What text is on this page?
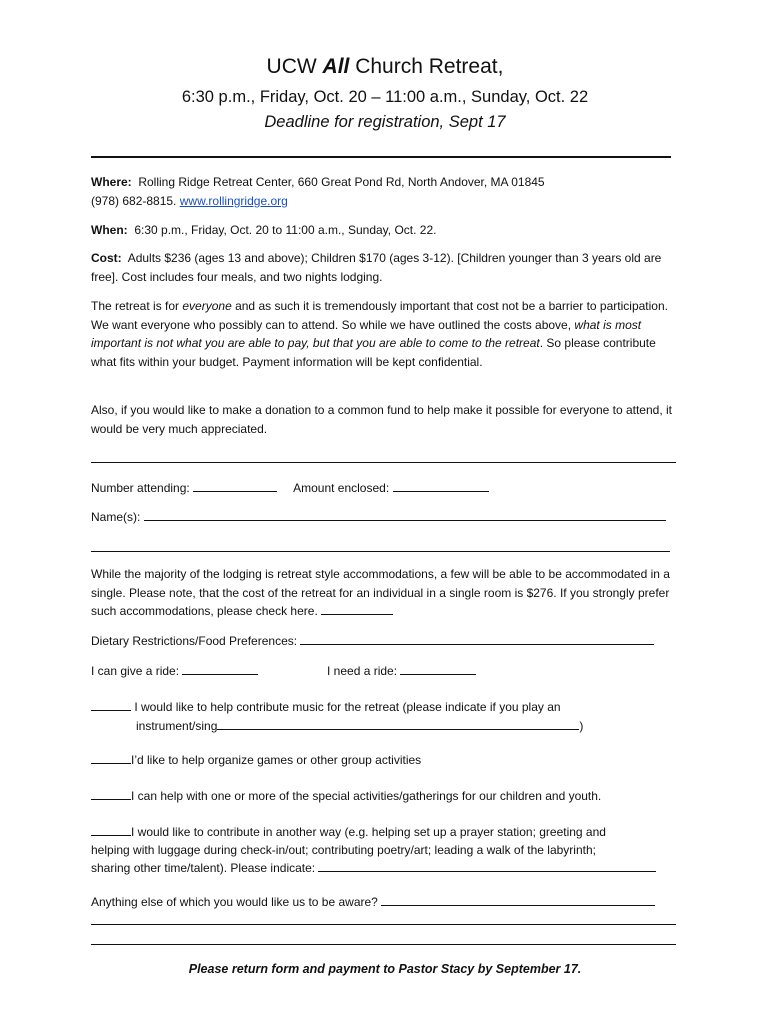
UCW All Church Retreat,
6:30 p.m., Friday, Oct. 20 – 11:00 a.m., Sunday, Oct. 22
Deadline for registration, Sept 17
Where: Rolling Ridge Retreat Center, 660 Great Pond Rd, North Andover, MA 01845
(978) 682-8815. www.rollingridge.org
When: 6:30 p.m., Friday, Oct. 20 to 11:00 a.m., Sunday, Oct. 22.

Cost: Adults $236 (ages 13 and above); Children $170 (ages 3-12). [Children younger than 3 years old are free]. Cost includes four meals, and two nights lodging.

The retreat is for everyone and as such it is tremendously important that cost not be a barrier to participation. We want everyone who possibly can to attend. So while we have outlined the costs above, what is most important is not what you are able to pay, but that you are able to come to the retreat. So please contribute what fits within your budget. Payment information will be kept confidential.

Also, if you would like to make a donation to a common fund to help make it possible for everyone to attend, it would be very much appreciated.

Number attending:	Amount enclosed:
Name(s):

While the majority of the lodging is retreat style accommodations, a few will be able to be accommodated in a single. Please note, that the cost of the retreat for an individual in a single room is $276. If you strongly prefer such accommodations, please check here.

Dietary Restrictions/Food Preferences:
I can give a ride:	I need a ride:
I would like to help contribute music for the retreat (please indicate if you play an
instrument/sing	)
I’d like to help organize games or other group activities
I can help with one or more of the special activities/gatherings for our children and youth.
I would like to contribute in another way (e.g. helping set up a prayer station; greeting and
helping with luggage during check-in/out; contributing poetry/art; leading a walk of the labyrinth;
sharing other time/talent). Please indicate:
Anything else of which you would like us to be aware?
Please return form and payment to Pastor Stacy by September 17.
